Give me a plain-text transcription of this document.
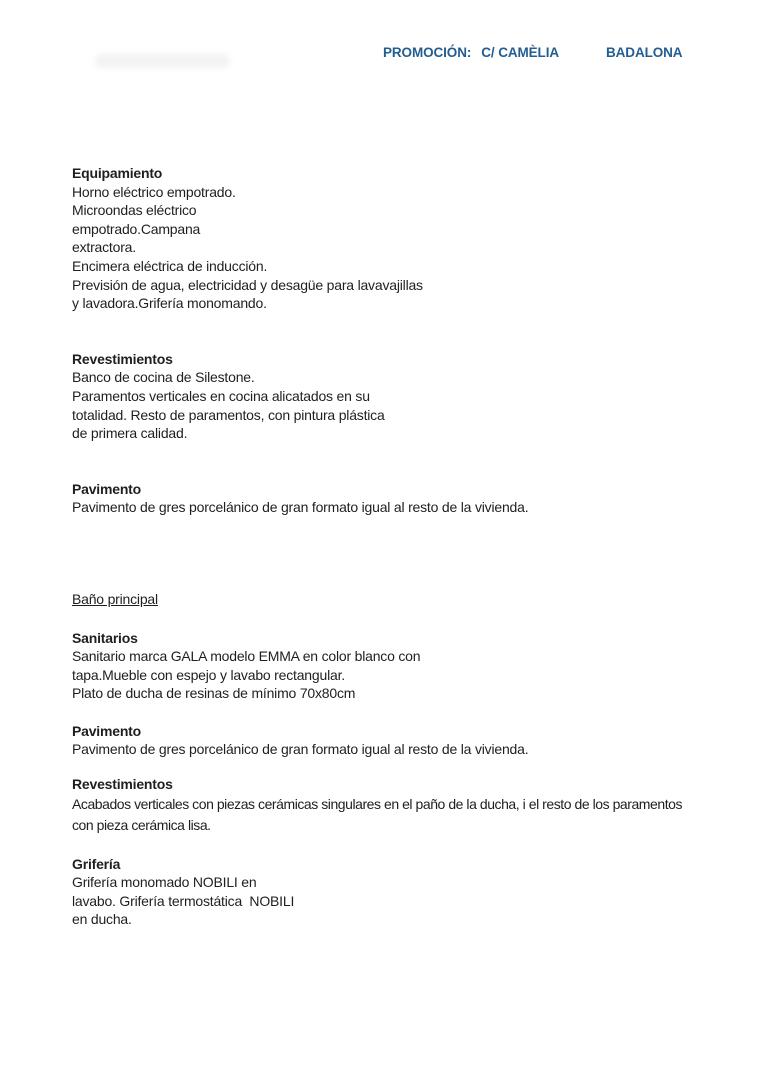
PROMOCIÓN: C/ CAMÈLIA	BADALONA
Equipamiento
Horno eléctrico empotrado.
Microondas eléctrico
empotrado.Campana
extractora.
Encimera eléctrica de inducción.
Previsión de agua, electricidad y desagüe para lavavajillas
y lavadora.Grifería monomando.
Revestimientos
Banco de cocina de Silestone.
Paramentos verticales en cocina alicatados en su
totalidad. Resto de paramentos, con pintura plástica
de primera calidad.
Pavimento
Pavimento de gres porcelánico de gran formato igual al resto de la vivienda.
Baño principal
Sanitarios
Sanitario marca GALA modelo EMMA en color blanco con
tapa.Mueble con espejo y lavabo rectangular.
Plato de ducha de resinas de mínimo 70x80cm
Pavimento
Pavimento de gres porcelánico de gran formato igual al resto de la vivienda.
Revestimientos
Acabados verticales con piezas cerámicas singulares en el paño de la ducha, i el resto de los paramentos
con pieza cerámica lisa.
Grifería
Grifería monomado NOBILI en
lavabo. Grifería termostática  NOBILI
en ducha.
